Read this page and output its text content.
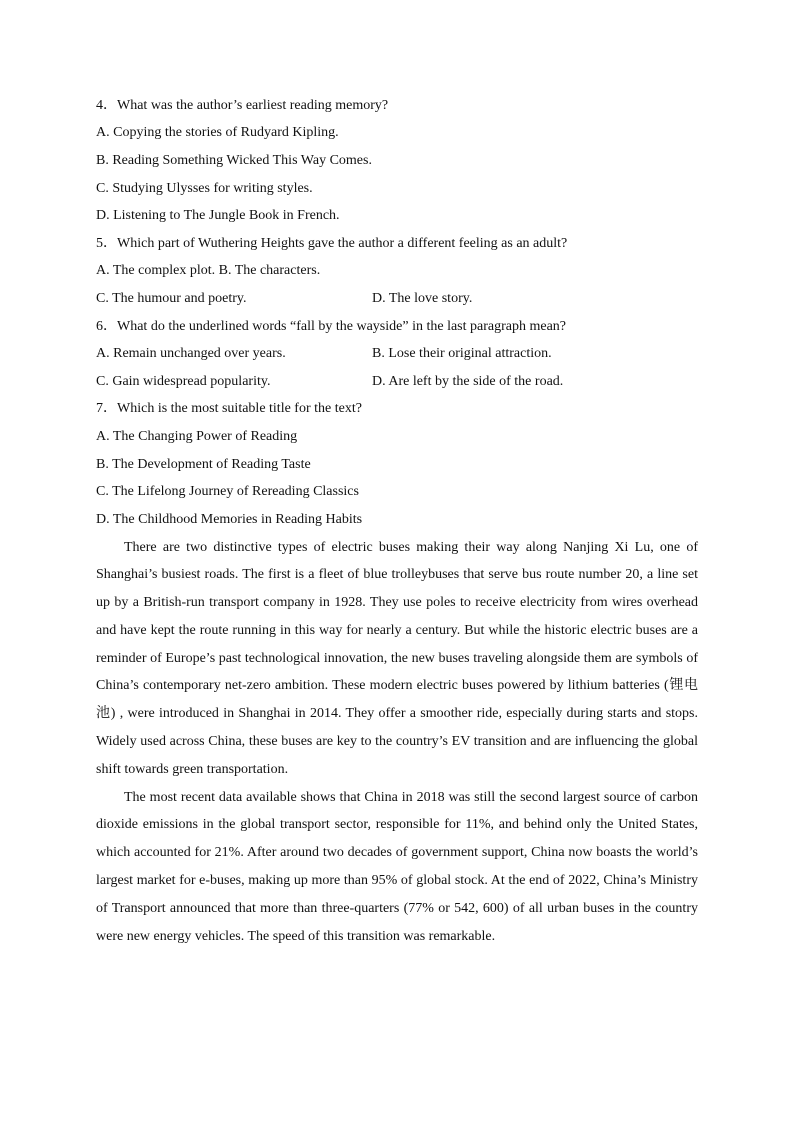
4．What was the author’s earliest reading memory?
A. Copying the stories of Rudyard Kipling.
B. Reading Something Wicked This Way Comes.
C. Studying Ulysses for writing styles.
D. Listening to The Jungle Book in French.
5．Which part of Wuthering Heights gave the author a different feeling as an adult?
A. The complex plot. B. The characters.
C. The humour and poetry.	D. The love story.
6．What do the underlined words “fall by the wayside” in the last paragraph mean?
A. Remain unchanged over years.	B. Lose their original attraction.
C. Gain widespread popularity.	D. Are left by the side of the road.
7．Which is the most suitable title for the text?
A. The Changing Power of Reading
B. The Development of Reading Taste
C. The Lifelong Journey of Rereading Classics
D. The Childhood Memories in Reading Habits

There are two distinctive types of electric buses making their way along Nanjing Xi Lu, one of Shanghai’s busiest roads. The first is a fleet of blue trolleybuses that serve bus route number 20, a line set up by a British-run transport company in 1928. They use poles to receive electricity from wires overhead and have kept the route running in this way for nearly a century. But while the historic electric buses are a reminder of Europe’s past technological innovation, the new buses traveling alongside them are symbols of China’s contemporary net-zero ambition. These modern electric buses powered by lithium batteries (锂电池) , were introduced in Shanghai in 2014. They offer a smoother ride, especially during starts and stops. Widely used across China, these buses are key to the country’s EV transition and are influencing the global shift towards green transportation.

The most recent data available shows that China in 2018 was still the second largest source of carbon dioxide emissions in the global transport sector, responsible for 11%, and behind only the United States, which accounted for 21%. After around two decades of government support, China now boasts the world’s largest market for e-buses, making up more than 95% of global stock. At the end of 2022, China’s Ministry of Transport announced that more than three-quarters (77% or 542, 600) of all urban buses in the country were new energy vehicles. The speed of this transition was remarkable.
